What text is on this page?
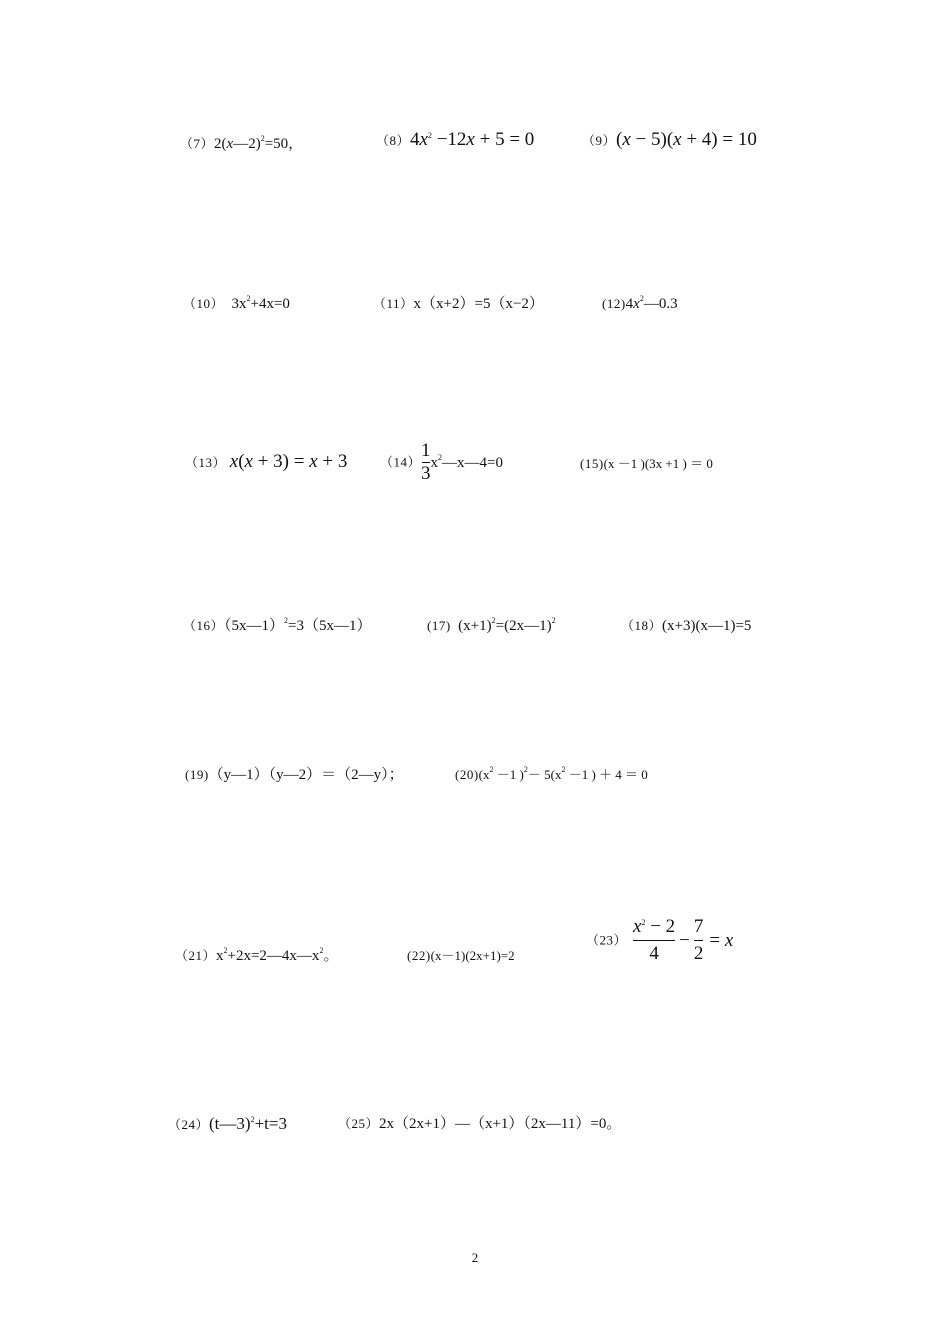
（7）2(x—2)$^2$=50，	$(8)4x^2 -12x + 5 = 0$	（9）(x − 5)(x + 4) = 10
（10） $3x^2+4x=0$	（11）x（x+2）=5（x−2）	$(12)4x^2—0.3$
（13） x(x + 3) = x + 3	$(14) \frac{1}{3}$ $x^2—x—4=0$	(15)(x －1 )(3x +1 ) ＝ 0
（16）（5x—1）$^2$=3（5x—1）	(17) $(x+1)^2=(2x—1)^2$	（18）(x+3)(x—1)=5
(19)（y—1）（y—2）＝（2—y）；	$(20)(x^2 -1$ )$^2- 5(x^2 -1$ ) ＋ 4 ＝ 0
$(21)x^2+2x=2—4x—x^2$。	(22)(x－1)(2x+1)=2
$(23) \frac{x^2 - 2}{4} - \frac{7}{2} = x$
（24）(t—3)$^2$+t=3	（25）2x（2x+1）—（x+1）（2x—11）=0。
2
